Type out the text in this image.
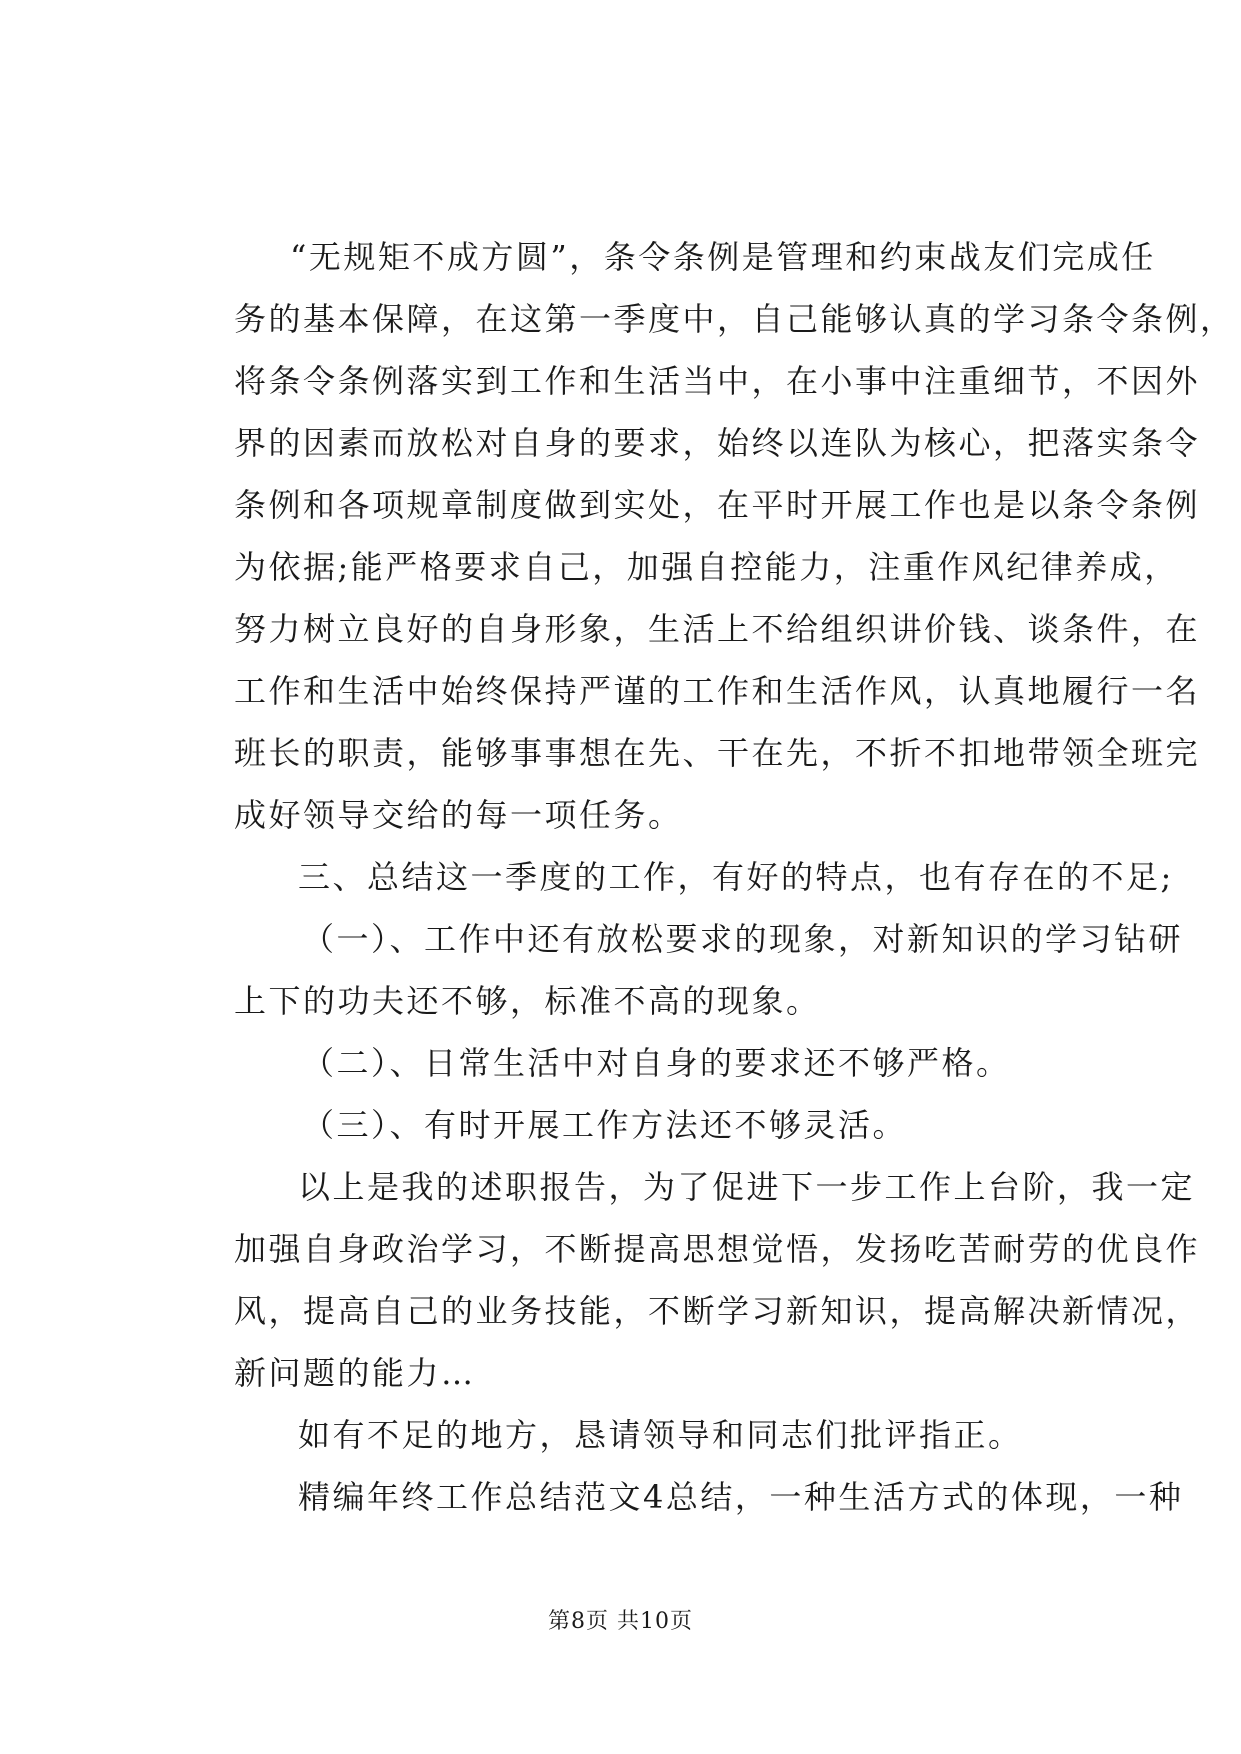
“无规矩不成方圆”，条令条例是管理和约束战友们完成任
务的基本保障，在这第一季度中，自己能够认真的学习条令条例，
将条令条例落实到工作和生活当中，在小事中注重细节，不因外
界的因素而放松对自身的要求，始终以连队为核心，把落实条令
条例和各项规章制度做到实处，在平时开展工作也是以条令条例
为依据;能严格要求自己，加强自控能力，注重作风纪律养成，
努力树立良好的自身形象，生活上不给组织讲价钱、谈条件，在
工作和生活中始终保持严谨的工作和生活作风，认真地履行一名
班长的职责，能够事事想在先、干在先，不折不扣地带领全班完
成好领导交给的每一项任务。
三、总结这一季度的工作，有好的特点，也有存在的不足;
（一）、工作中还有放松要求的现象，对新知识的学习钻研
上下的功夫还不够，标准不高的现象。
（二）、日常生活中对自身的要求还不够严格。
（三）、有时开展工作方法还不够灵活。
以上是我的述职报告，为了促进下一步工作上台阶，我一定
加强自身政治学习，不断提高思想觉悟，发扬吃苦耐劳的优良作
风，提高自己的业务技能，不断学习新知识，提高解决新情况，
新问题的能力…
如有不足的地方，恳请领导和同志们批评指正。
精编年终工作总结范文4总结，一种生活方式的体现，一种
第8页 共10页
